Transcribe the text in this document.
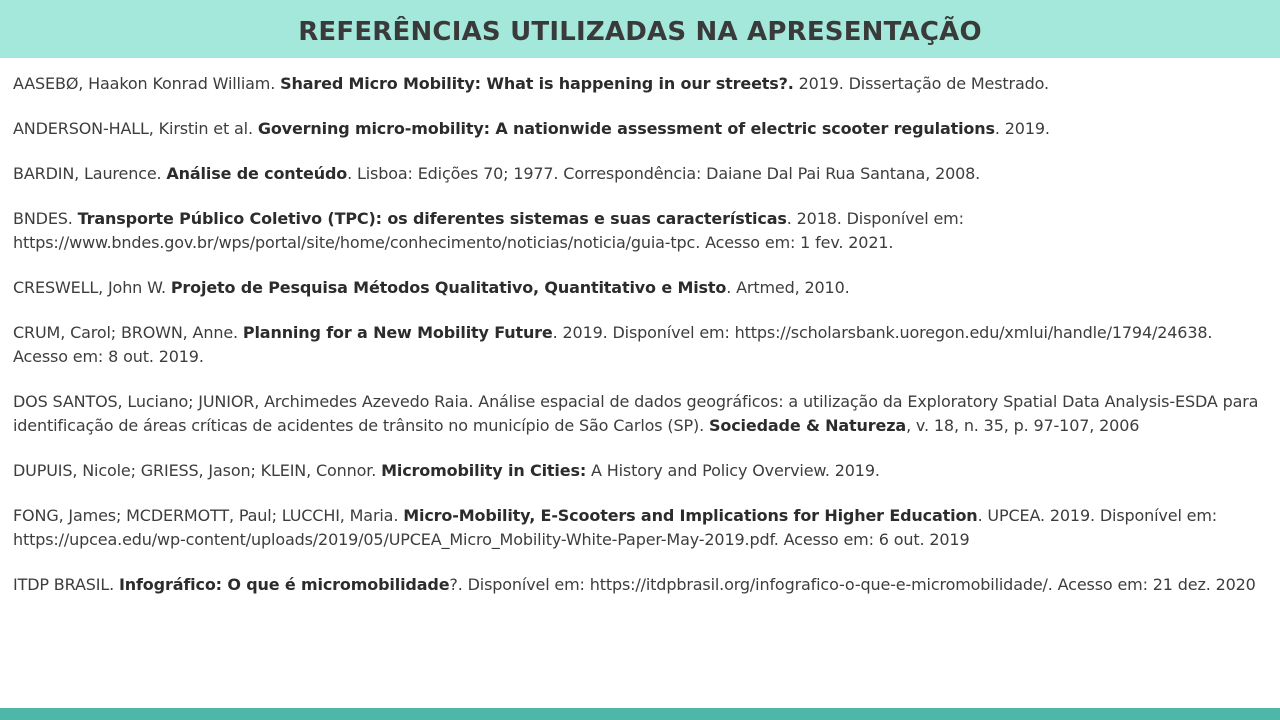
REFERÊNCIAS UTILIZADAS NA APRESENTAÇÃO

AASEBØ, Haakon Konrad William. Shared Micro Mobility: What is happening in our streets?. 2019. Dissertação de Mestrado.

ANDERSON-HALL, Kirstin et al. Governing micro-mobility: A nationwide assessment of electric scooter regulations. 2019.

BARDIN, Laurence. Análise de conteúdo. Lisboa: Edições 70; 1977. Correspondência: Daiane Dal Pai Rua Santana, 2008.

BNDES. Transporte Público Coletivo (TPC): os diferentes sistemas e suas características. 2018. Disponível em: https://www.bndes.gov.br/wps/portal/site/home/conhecimento/noticias/noticia/guia-tpc. Acesso em: 1 fev. 2021.

CRESWELL, John W. Projeto de Pesquisa Métodos Qualitativo, Quantitativo e Misto. Artmed, 2010.

CRUM, Carol; BROWN, Anne. Planning for a New Mobility Future. 2019. Disponível em: https://scholarsbank.uoregon.edu/xmlui/handle/1794/24638. Acesso em: 8 out. 2019.

DOS SANTOS, Luciano; JUNIOR, Archimedes Azevedo Raia. Análise espacial de dados geográficos: a utilização da Exploratory Spatial Data Analysis-ESDA para identificação de áreas críticas de acidentes de trânsito no município de São Carlos (SP). Sociedade & Natureza, v. 18, n. 35, p. 97-107, 2006

DUPUIS, Nicole; GRIESS, Jason; KLEIN, Connor. Micromobility in Cities: A History and Policy Overview. 2019.

FONG, James; MCDERMOTT, Paul; LUCCHI, Maria. Micro-Mobility, E-Scooters and Implications for Higher Education. UPCEA. 2019. Disponível em: https://upcea.edu/wp-content/uploads/2019/05/UPCEA_Micro_Mobility-White-Paper-May-2019.pdf. Acesso em: 6 out. 2019

ITDP BRASIL. Infográfico: O que é micromobilidade?. Disponível em: https://itdpbrasil.org/infografico-o-que-e-micromobilidade/. Acesso em: 21 dez. 2020
